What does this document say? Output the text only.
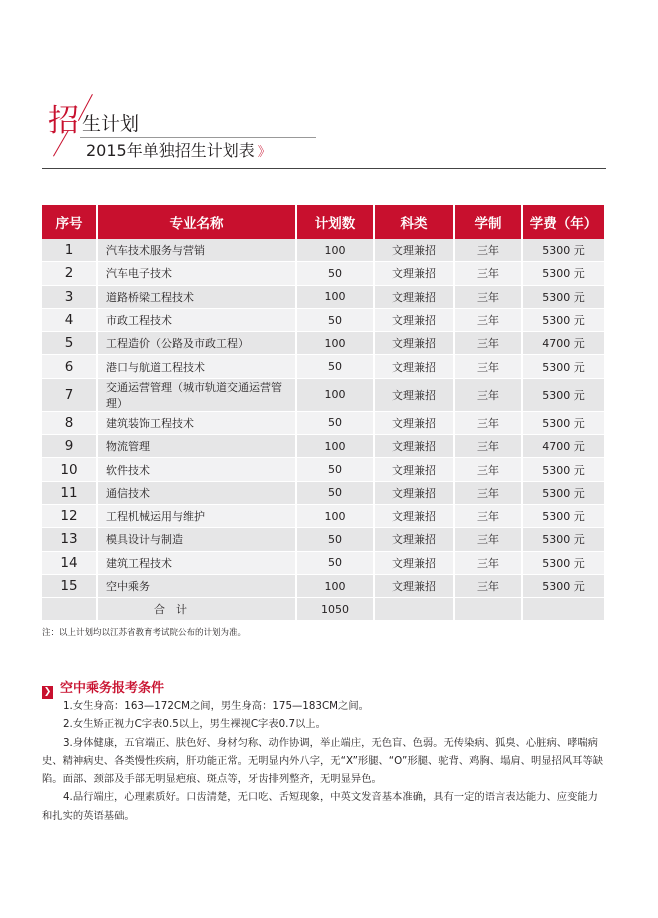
招 生计划
2015年单独招生计划表 》
序号	专业名称	计划数	科类	学制	学费（年）
1	汽车技术服务与营销	100	文理兼招	三年	5300 元
2	汽车电子技术	50	文理兼招	三年	5300 元
3	道路桥梁工程技术	100	文理兼招	三年	5300 元
4	市政工程技术	50	文理兼招	三年	5300 元
5	工程造价（公路及市政工程）	100	文理兼招	三年	4700 元
6	港口与航道工程技术	50	文理兼招	三年	5300 元
7	交通运营管理（城市轨道交通运营管理）	100	文理兼招	三年	5300 元
8	建筑装饰工程技术	50	文理兼招	三年	5300 元
9	物流管理	100	文理兼招	三年	4700 元
10	软件技术	50	文理兼招	三年	5300 元
11	通信技术	50	文理兼招	三年	5300 元
12	工程机械运用与维护	100	文理兼招	三年	5300 元
13	模具设计与制造	50	文理兼招	三年	5300 元
14	建筑工程技术	50	文理兼招	三年	5300 元
15	空中乘务	100	文理兼招	三年	5300 元
	合　计	1050			
注：以上计划均以江苏省教育考试院公布的计划为准。
❯ 空中乘务报考条件

1.女生身高：163—172CM之间，男生身高：175—183CM之间。

2.女生矫正视力C字表0.5以上，男生裸视C字表0.7以上。

3.身体健康，五官端正、肤色好、身材匀称、动作协调，举止端庄，无色盲、色弱。无传染病、狐臭、心脏病、哮喘病史、精神病史、各类慢性疾病，肝功能正常。无明显内外八字，无“X”形腿、“O”形腿、驼背、鸡胸、塌肩、明显招风耳等缺陷。面部、颈部及手部无明显疤痕、斑点等，牙齿排列整齐，无明显异色。

4.品行端庄，心理素质好。口齿清楚，无口吃、舌短现象，中英文发音基本准确，具有一定的语言表达能力、应变能力和扎实的英语基础。
